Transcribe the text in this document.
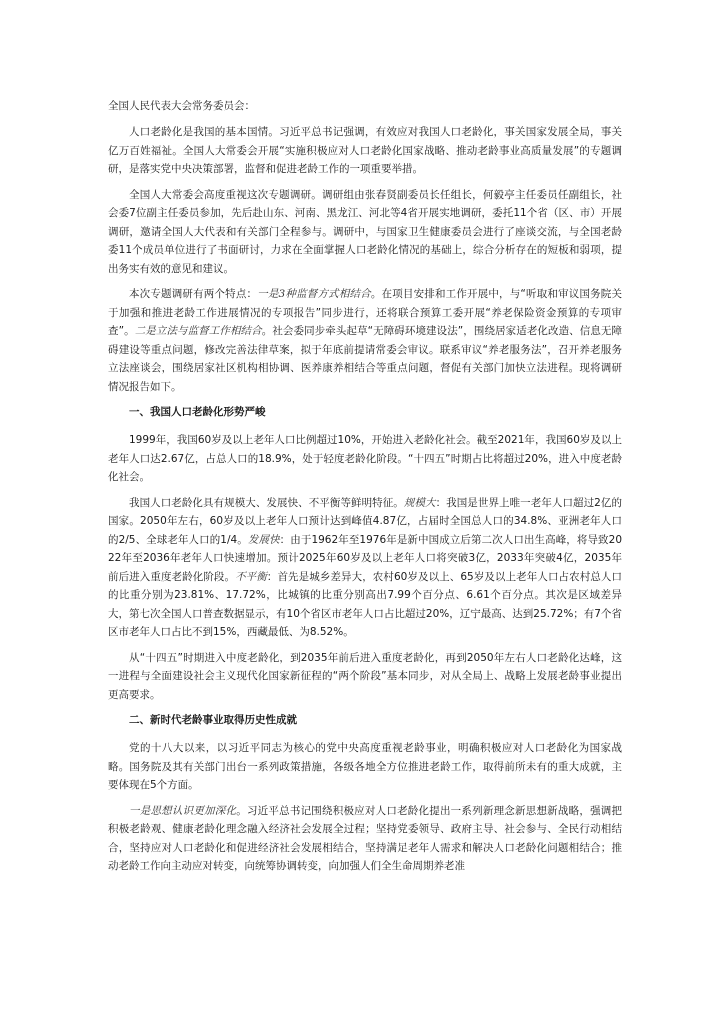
全国人民代表大会常务委员会：

人口老龄化是我国的基本国情。习近平总书记强调，有效应对我国人口老龄化，事关国家发展全局，事关亿万百姓福祉。全国人大常委会开展“实施积极应对人口老龄化国家战略、推动老龄事业高质量发展”的专题调研，是落实党中央决策部署，监督和促进老龄工作的一项重要举措。

全国人大常委会高度重视这次专题调研。调研组由张春贤副委员长任组长，何毅亭主任委员任副组长，社会委7位副主任委员参加，先后赴山东、河南、黑龙江、河北等4省开展实地调研，委托11个省（区、市）开展调研，邀请全国人大代表和有关部门全程参与。调研中，与国家卫生健康委员会进行了座谈交流，与全国老龄委11个成员单位进行了书面研讨，力求在全面掌握人口老龄化情况的基础上，综合分析存在的短板和弱项，提出务实有效的意见和建议。

本次专题调研有两个特点：一是3种监督方式相结合。在项目安排和工作开展中，与“听取和审议国务院关于加强和推进老龄工作进展情况的专项报告”同步进行，还将联合预算工委开展“养老保险资金预算的专项审查”。二是立法与监督工作相结合。社会委同步牵头起草“无障碍环境建设法”，围绕居家适老化改造、信息无障碍建设等重点问题，修改完善法律草案，拟于年底前提请常委会审议。联系审议“养老服务法”，召开养老服务立法座谈会，围绕居家社区机构相协调、医养康养相结合等重点问题，督促有关部门加快立法进程。现将调研情况报告如下。

一、我国人口老龄化形势严峻

1999年，我国60岁及以上老年人口比例超过10%，开始进入老龄化社会。截至2021年，我国60岁及以上老年人口达2.67亿，占总人口的18.9%，处于轻度老龄化阶段。“十四五”时期占比将超过20%，进入中度老龄化社会。

我国人口老龄化具有规模大、发展快、不平衡等鲜明特征。规模大：我国是世界上唯一老年人口超过2亿的国家。2050年左右，60岁及以上老年人口预计达到峰值4.87亿，占届时全国总人口的34.8%、亚洲老年人口的2/5、全球老年人口的1/4。发展快：由于1962年至1976年是新中国成立后第二次人口出生高峰，将导致2022年至2036年老年人口快速增加。预计2025年60岁及以上老年人口将突破3亿，2033年突破4亿，2035年前后进入重度老龄化阶段。不平衡：首先是城乡差异大，农村60岁及以上、65岁及以上老年人口占农村总人口的比重分别为23.81%、17.72%，比城镇的比重分别高出7.99个百分点、6.61个百分点。其次是区域差异大，第七次全国人口普查数据显示，有10个省区市老年人口占比超过20%，辽宁最高、达到25.72%；有7个省区市老年人口占比不到15%，西藏最低、为8.52%。

从“十四五”时期进入中度老龄化，到2035年前后进入重度老龄化，再到2050年左右人口老龄化达峰，这一进程与全面建设社会主义现代化国家新征程的“两个阶段”基本同步，对从全局上、战略上发展老龄事业提出更高要求。

二、新时代老龄事业取得历史性成就

党的十八大以来，以习近平同志为核心的党中央高度重视老龄事业，明确积极应对人口老龄化为国家战略。国务院及其有关部门出台一系列政策措施，各级各地全方位推进老龄工作，取得前所未有的重大成就，主要体现在5个方面。

一是思想认识更加深化。习近平总书记围绕积极应对人口老龄化提出一系列新理念新思想新战略，强调把积极老龄观、健康老龄化理念融入经济社会发展全过程；坚持党委领导、政府主导、社会参与、全民行动相结合，坚持应对人口老龄化和促进经济社会发展相结合，坚持满足老年人需求和解决人口老龄化问题相结合；推动老龄工作向主动应对转变，向统筹协调转变，向加强人们全生命周期养老准
